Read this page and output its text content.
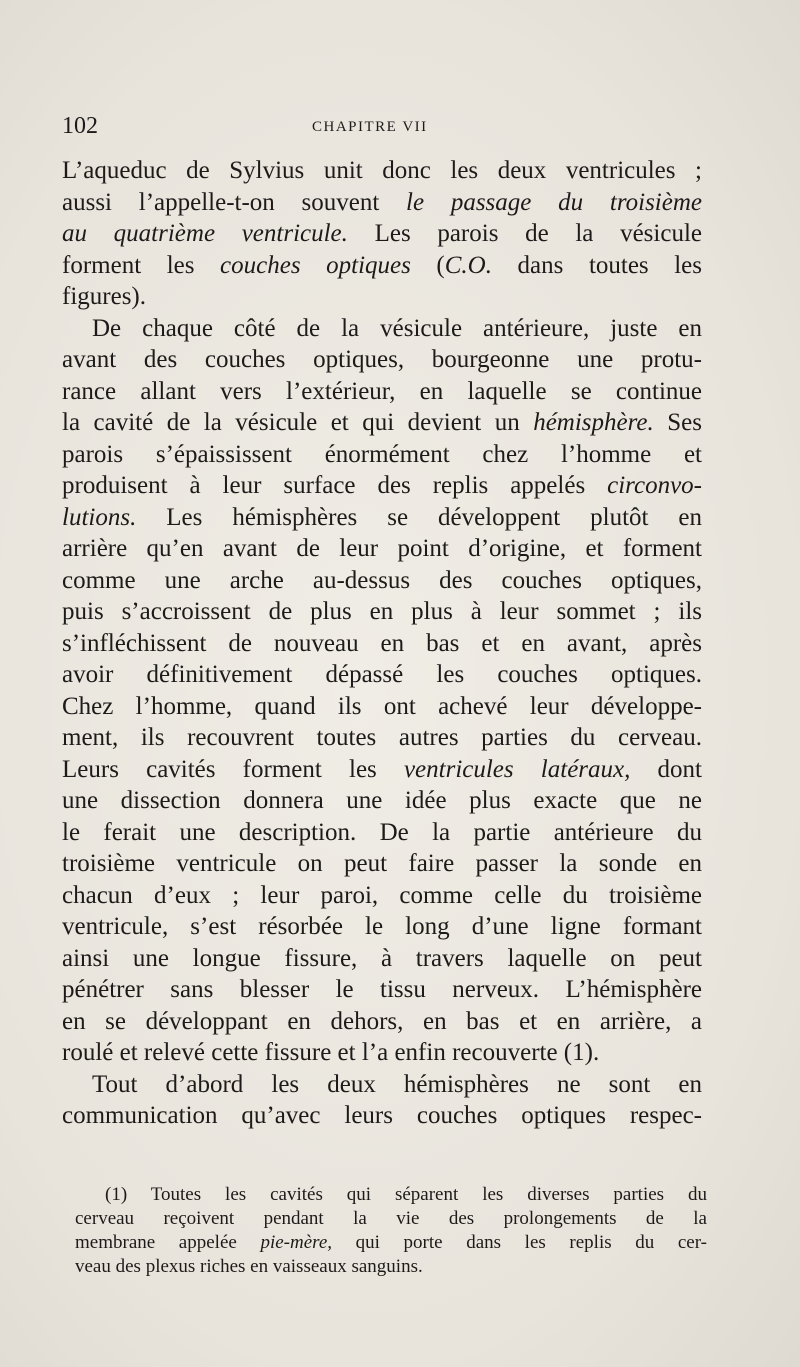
102	CHAPITRE VII
L’aqueduc de Sylvius unit donc les deux ventricules ;
aussi l’appelle-t-on souvent le passage du troisième
au quatrième ventricule. Les parois de la vésicule
forment les couches optiques (C.O. dans toutes les
figures).
De chaque côté de la vésicule antérieure, juste en
avant des couches optiques, bourgeonne une protu-
rance allant vers l’extérieur, en laquelle se continue
la cavité de la vésicule et qui devient un hémisphère. Ses
parois s’épaississent énormément chez l’homme et
produisent à leur surface des replis appelés circonvo-
lutions. Les hémisphères se développent plutôt en
arrière qu’en avant de leur point d’origine, et forment
comme une arche au-dessus des couches optiques,
puis s’accroissent de plus en plus à leur sommet ; ils
s’infléchissent de nouveau en bas et en avant, après
avoir définitivement dépassé les couches optiques.
Chez l’homme, quand ils ont achevé leur développe-
ment, ils recouvrent toutes autres parties du cerveau.
Leurs cavités forment les ventricules latéraux, dont
une dissection donnera une idée plus exacte que ne
le ferait une description. De la partie antérieure du
troisième ventricule on peut faire passer la sonde en
chacun d’eux ; leur paroi, comme celle du troisième
ventricule, s’est résorbée le long d’une ligne formant
ainsi une longue fissure, à travers laquelle on peut
pénétrer sans blesser le tissu nerveux. L’hémisphère
en se développant en dehors, en bas et en arrière, a
roulé et relevé cette fissure et l’a enfin recouverte (1).
Tout d’abord les deux hémisphères ne sont en
communication qu’avec leurs couches optiques respec-
(1) Toutes les cavités qui séparent les diverses parties du
cerveau reçoivent pendant la vie des prolongements de la
membrane appelée pie-mère, qui porte dans les replis du cer-
veau des plexus riches en vaisseaux sanguins.
